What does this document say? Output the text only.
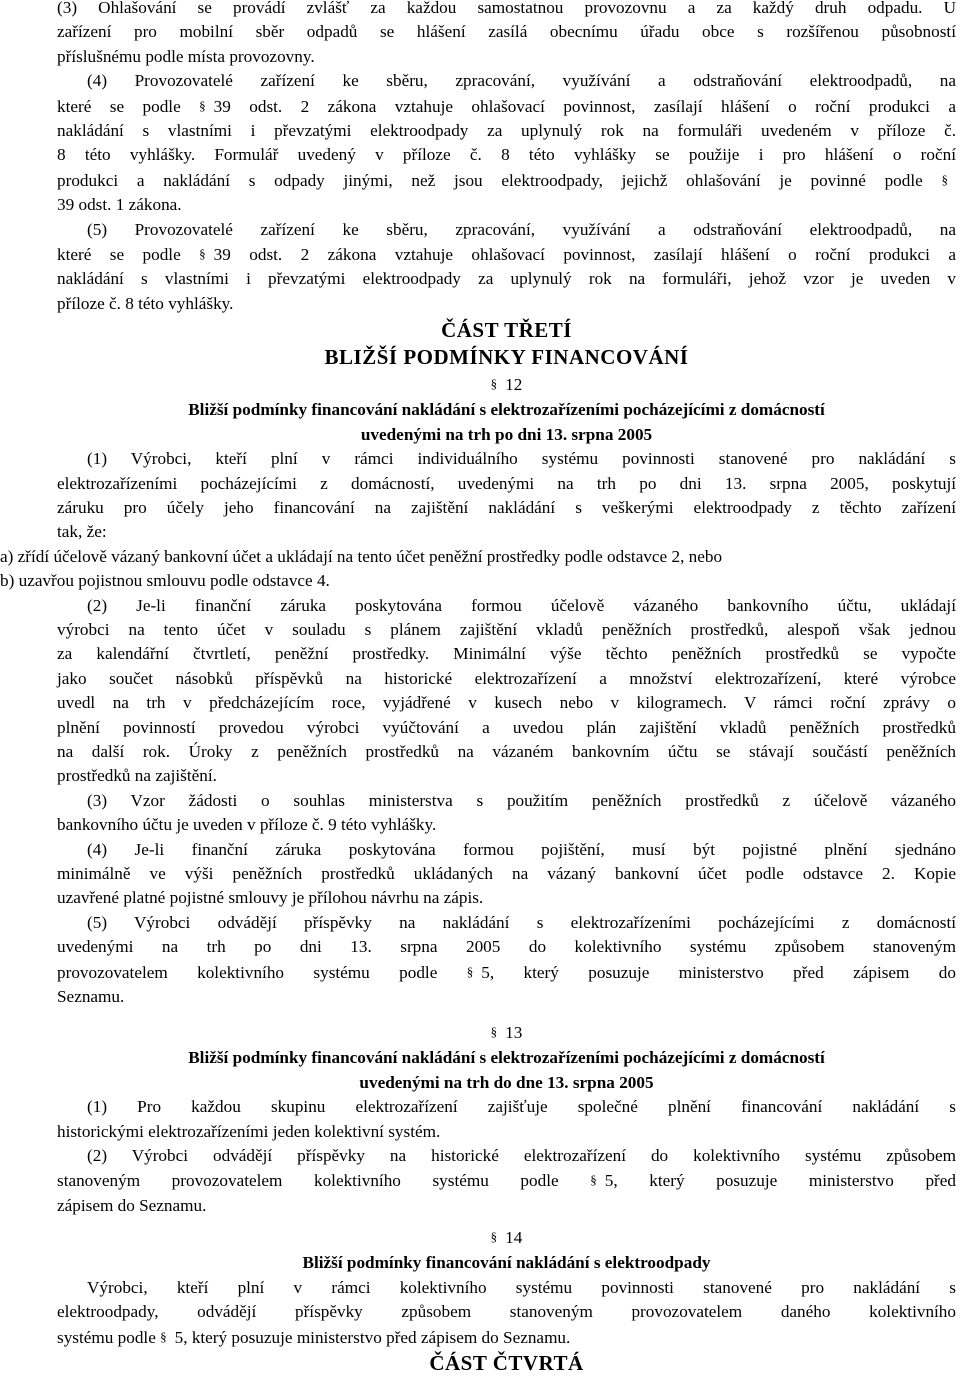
(3) Ohlašování se provádí zvlášť za každou samostatnou provozovnu a za každý druh odpadu. U
zařízení pro mobilní sběr odpadů se hlášení zasílá obecnímu úřadu obce s rozšířenou působností
příslušnému podle místa provozovny.
(4) Provozovatelé zařízení ke sběru, zpracování, využívání a odstraňování elektroodpadů, na
které se podle § 39 odst. 2 zákona vztahuje ohlašovací povinnost, zasílají hlášení o roční produkci a
nakládání s vlastními i převzatými elektroodpady za uplynulý rok na formuláři uvedeném v příloze č.
8 této vyhlášky. Formulář uvedený v příloze č. 8 této vyhlášky se použije i pro hlášení o roční
produkci a nakládání s odpady jinými, než jsou elektroodpady, jejichž ohlašování je povinné podle §
39 odst. 1 zákona.
(5) Provozovatelé zařízení ke sběru, zpracování, využívání a odstraňování elektroodpadů, na
které se podle § 39 odst. 2 zákona vztahuje ohlašovací povinnost, zasílají hlášení o roční produkci a
nakládání s vlastními i převzatými elektroodpady za uplynulý rok na formuláři, jehož vzor je uveden v
příloze č. 8 této vyhlášky.
ČÁST TŘETÍ
BLIŽŠÍ PODMÍNKY FINANCOVÁNÍ
§ 12
Bližší podmínky financování nakládání s elektrozařízeními pocházejícími z domácností
uvedenými na trh po dni 13. srpna 2005
(1) Výrobci, kteří plní v rámci individuálního systému povinnosti stanovené pro nakládání s
elektrozařízeními pocházejícími z domácností, uvedenými na trh po dni 13. srpna 2005, poskytují
záruku pro účely jeho financování na zajištění nakládání s veškerými elektroodpady z těchto zařízení
tak, že:
a) zřídí účelově vázaný bankovní účet a ukládají na tento účet peněžní prostředky podle odstavce 2, nebo
b) uzavřou pojistnou smlouvu podle odstavce 4.
(2) Je-li finanční záruka poskytována formou účelově vázaného bankovního účtu, ukládají
výrobci na tento účet v souladu s plánem zajištění vkladů peněžních prostředků, alespoň však jednou
za kalendářní čtvrtletí, peněžní prostředky. Minimální výše těchto peněžních prostředků se vypočte
jako součet násobků příspěvků na historické elektrozařízení a množství elektrozařízení, které výrobce
uvedl na trh v předcházejícím roce, vyjádřené v kusech nebo v kilogramech. V rámci roční zprávy o
plnění povinností provedou výrobci vyúčtování a uvedou plán zajištění vkladů peněžních prostředků
na další rok. Úroky z peněžních prostředků na vázaném bankovním účtu se stávají součástí peněžních
prostředků na zajištění.
(3) Vzor žádosti o souhlas ministerstva s použitím peněžních prostředků z účelově vázaného
bankovního účtu je uveden v příloze č. 9 této vyhlášky.
(4) Je-li finanční záruka poskytována formou pojištění, musí být pojistné plnění sjednáno
minimálně ve výši peněžních prostředků ukládaných na vázaný bankovní účet podle odstavce 2. Kopie
uzavřené platné pojistné smlouvy je přílohou návrhu na zápis.
(5) Výrobci odvádějí příspěvky na nakládání s elektrozařízeními pocházejícími z domácností
uvedenými na trh po dni 13. srpna 2005 do kolektivního systému způsobem stanoveným
provozovatelem kolektivního systému podle § 5, který posuzuje ministerstvo před zápisem do
Seznamu.
§ 13
Bližší podmínky financování nakládání s elektrozařízeními pocházejícími z domácností
uvedenými na trh do dne 13. srpna 2005
(1) Pro každou skupinu elektrozařízení zajišťuje společné plnění financování nakládání s
historickými elektrozařízeními jeden kolektivní systém.
(2) Výrobci odvádějí příspěvky na historické elektrozařízení do kolektivního systému způsobem
stanoveným provozovatelem kolektivního systému podle § 5, který posuzuje ministerstvo před
zápisem do Seznamu.
§ 14
Bližší podmínky financování nakládání s elektroodpady
Výrobci, kteří plní v rámci kolektivního systému povinnosti stanovené pro nakládání s
elektroodpady, odvádějí příspěvky způsobem stanoveným provozovatelem daného kolektivního
systému podle § 5, který posuzuje ministerstvo před zápisem do Seznamu.
ČÁST ČTVRTÁ
